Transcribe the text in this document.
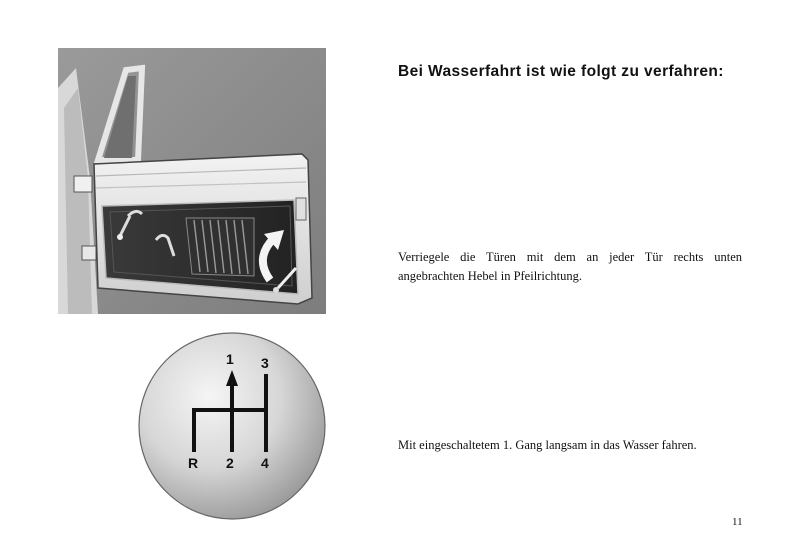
1 3
R 2 4
Bei Wasserfahrt ist wie folgt zu verfahren:

Verriegele die Türen mit dem an jeder Tür rechts unten angebrachten Hebel in Pfeilrichtung.

Mit eingeschaltetem 1. Gang langsam in das Wasser fahren.

11
